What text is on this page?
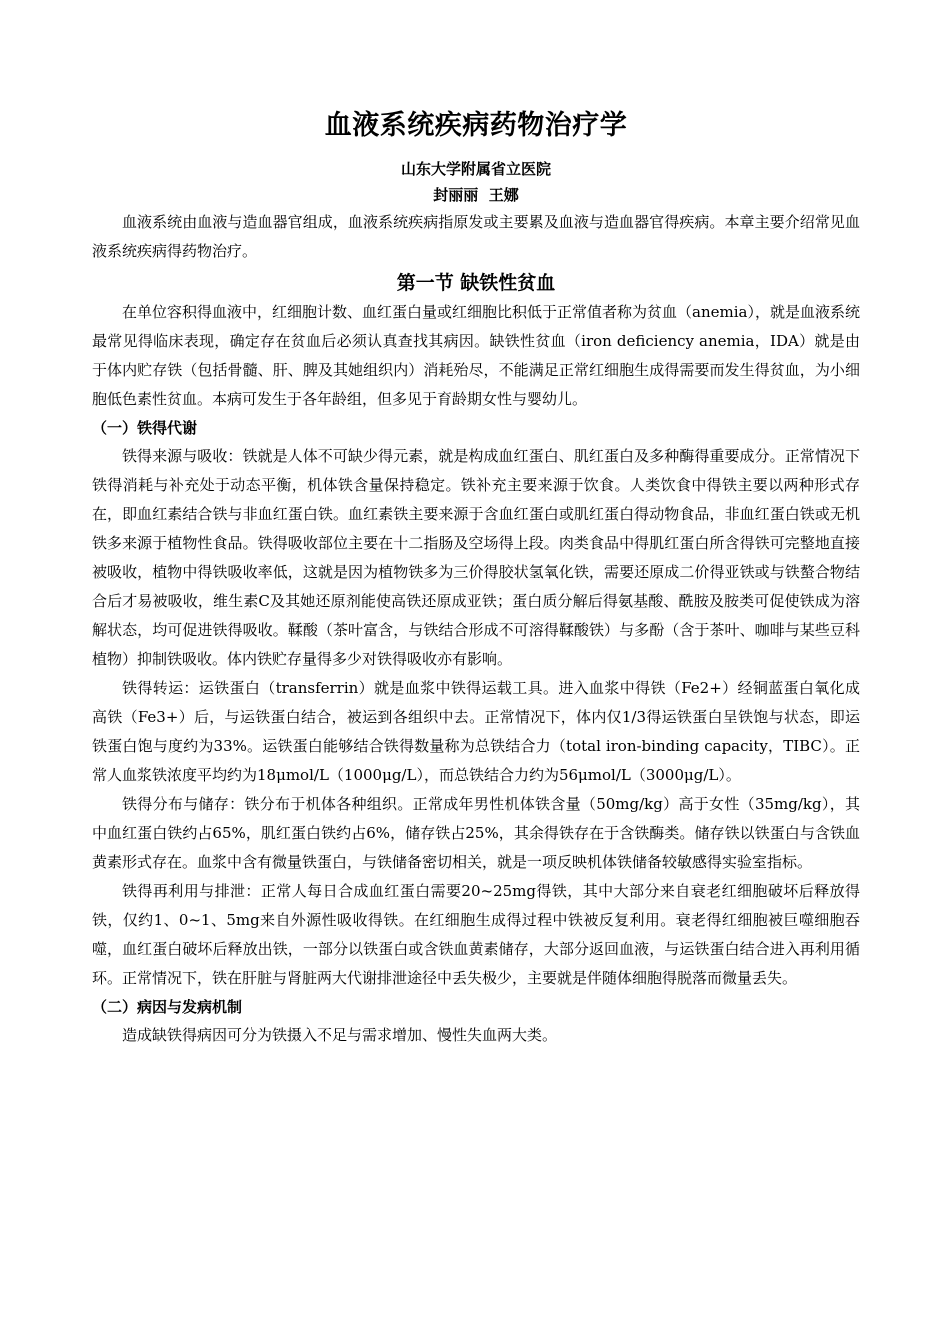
血液系统疾病药物治疗学
山东大学附属省立医院
封丽丽  王娜

血液系统由血液与造血器官组成，血液系统疾病指原发或主要累及血液与造血器官得疾病。本章主要介绍常见血液系统疾病得药物治疗。

第一节 缺铁性贫血

在单位容积得血液中，红细胞计数、血红蛋白量或红细胞比积低于正常值者称为贫血（anemia），就是血液系统最常见得临床表现，确定存在贫血后必须认真查找其病因。缺铁性贫血（iron deficiency anemia，IDA）就是由于体内贮存铁（包括骨髓、肝、脾及其她组织内）消耗殆尽，不能满足正常红细胞生成得需要而发生得贫血，为小细胞低色素性贫血。本病可发生于各年龄组，但多见于育龄期女性与婴幼儿。

（一）铁得代谢

铁得来源与吸收：铁就是人体不可缺少得元素，就是构成血红蛋白、肌红蛋白及多种酶得重要成分。正常情况下铁得消耗与补充处于动态平衡，机体铁含量保持稳定。铁补充主要来源于饮食。人类饮食中得铁主要以两种形式存在，即血红素结合铁与非血红蛋白铁。血红素铁主要来源于含血红蛋白或肌红蛋白得动物食品，非血红蛋白铁或无机铁多来源于植物性食品。铁得吸收部位主要在十二指肠及空场得上段。肉类食品中得肌红蛋白所含得铁可完整地直接被吸收，植物中得铁吸收率低，这就是因为植物铁多为三价得胶状氢氧化铁，需要还原成二价得亚铁或与铁螯合物结合后才易被吸收，维生素C及其她还原剂能使高铁还原成亚铁；蛋白质分解后得氨基酸、酰胺及胺类可促使铁成为溶解状态，均可促进铁得吸收。鞣酸（茶叶富含，与铁结合形成不可溶得鞣酸铁）与多酚（含于茶叶、咖啡与某些豆科植物）抑制铁吸收。体内铁贮存量得多少对铁得吸收亦有影响。

铁得转运：运铁蛋白（transferrin）就是血浆中铁得运载工具。进入血浆中得铁（Fe2+）经铜蓝蛋白氧化成高铁（Fe3+）后，与运铁蛋白结合，被运到各组织中去。正常情况下，体内仅1/3得运铁蛋白呈铁饱与状态，即运铁蛋白饱与度约为33%。运铁蛋白能够结合铁得数量称为总铁结合力（total iron-binding capacity，TIBC）。正常人血浆铁浓度平均约为18μmol/L（1000μg/L），而总铁结合力约为56μmol/L（3000μg/L）。

铁得分布与储存：铁分布于机体各种组织。正常成年男性机体铁含量（50mg/kg）高于女性（35mg/kg），其中血红蛋白铁约占65%，肌红蛋白铁约占6%，储存铁占25%，其余得铁存在于含铁酶类。储存铁以铁蛋白与含铁血黄素形式存在。血浆中含有微量铁蛋白，与铁储备密切相关，就是一项反映机体铁储备较敏感得实验室指标。

铁得再利用与排泄：正常人每日合成血红蛋白需要20~25mg得铁，其中大部分来自衰老红细胞破坏后释放得铁，仅约1、0~1、5mg来自外源性吸收得铁。在红细胞生成得过程中铁被反复利用。衰老得红细胞被巨噬细胞吞噬，血红蛋白破坏后释放出铁，一部分以铁蛋白或含铁血黄素储存，大部分返回血液，与运铁蛋白结合进入再利用循环。正常情况下，铁在肝脏与肾脏两大代谢排泄途径中丢失极少，主要就是伴随体细胞得脱落而微量丢失。

（二）病因与发病机制

造成缺铁得病因可分为铁摄入不足与需求增加、慢性失血两大类。
